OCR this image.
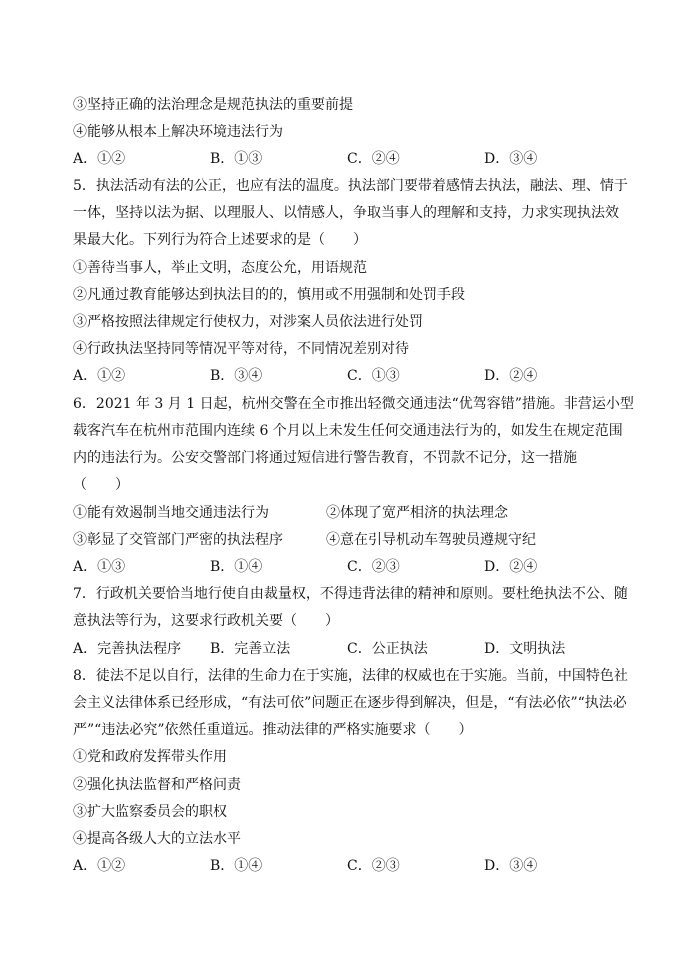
③坚持正确的法治理念是规范执法的重要前提
④能够从根本上解决环境违法行为
A．①②	B．①③	C．②④	D．③④
5．执法活动有法的公正，也应有法的温度。执法部门要带着感情去执法，融法、理、情于
一体，坚持以法为据、以理服人、以情感人，争取当事人的理解和支持，力求实现执法效
果最大化。下列行为符合上述要求的是（　　）
①善待当事人，举止文明，态度公允，用语规范
②凡通过教育能够达到执法目的的，慎用或不用强制和处罚手段
③严格按照法律规定行使权力，对涉案人员依法进行处罚
④行政执法坚持同等情况平等对待，不同情况差别对待
A．①②	B．③④	C．①③	D．②④
6．2021 年 3 月 1 日起，杭州交警在全市推出轻微交通违法“优驾容错”措施。非营运小型
载客汽车在杭州市范围内连续 6 个月以上未发生任何交通违法行为的，如发生在规定范围
内的违法行为。公安交警部门将通过短信进行警告教育，不罚款不记分，这一措施
（　　）
①能有效遏制当地交通违法行为	②体现了宽严相济的执法理念
③彰显了交管部门严密的执法程序	④意在引导机动车驾驶员遵规守纪
A．①③	B．①④	C．②③	D．②④
7．行政机关要恰当地行使自由裁量权，不得违背法律的精神和原则。要杜绝执法不公、随
意执法等行为，这要求行政机关要（　　）
A．完善执法程序 B．完善立法	C．公正执法	D．文明执法
8．徒法不足以自行，法律的生命力在于实施，法律的权威也在于实施。当前，中国特色社
会主义法律体系已经形成，“有法可依”问题正在逐步得到解决，但是，“有法必依”“执法必
严”“违法必究”依然任重道远。推动法律的严格实施要求（　　）
①党和政府发挥带头作用
②强化执法监督和严格问责
③扩大监察委员会的职权
④提高各级人大的立法水平
A．①②	B．①④	C．②③	D．③④
